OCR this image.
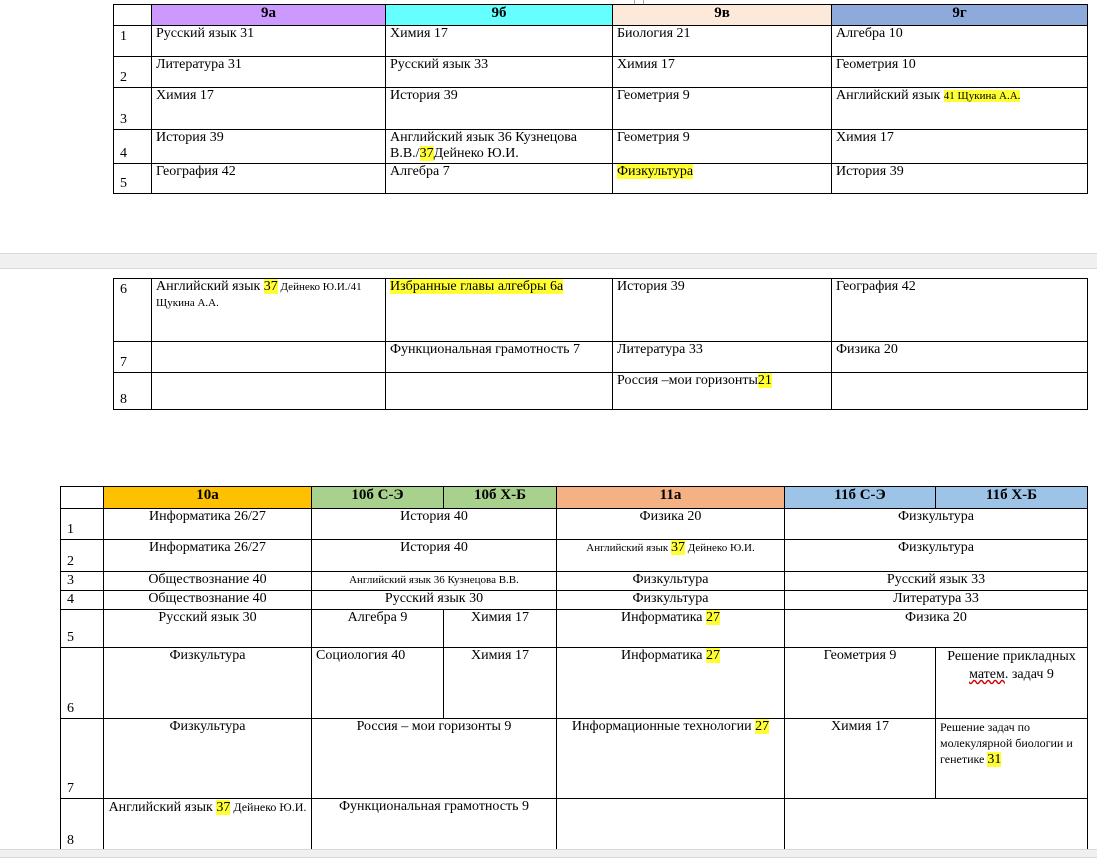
	9а	9б	9в	9г
1	Русский язык 31	Химия 17	Биология 21	Алгебра 10
2	Литература 31	Русский язык 33	Химия 17	Геометрия 10
3	Химия 17	История 39	Геометрия 9	Английский язык 41 Щукина А.А.
4	История 39	Английский язык 36 Кузнецова В.В./37Дейнеко Ю.И.	Геометрия 9	Химия 17
5	География 42	Алгебра 7	Физкультура	История 39
6	Английский язык 37 Дейнеко Ю.И./41 Щукина А.А.	Избранные главы алгебры 6а	История 39	География 42
7		Функциональная грамотность 7	Литература 33	Физика 20
8			Россия –мои горизонты21	
	10а	10б С-Э	10б Х-Б	11а	11б С-Э	11б Х-Б
1	Информатика 26/27	История 40		Физика 20	Физкультура	
2	Информатика 26/27	История 40		Английский язык 37 Дейнеко Ю.И.	Физкультура	
3	Обществознание 40	Английский язык 36 Кузнецова В.В.		Физкультура	Русский язык 33	
4	Обществознание 40	Русский язык 30		Физкультура	Литература 33	
5	Русский язык 30	Алгебра 9	Химия 17	Информатика 27	Физика 20	
6	Физкультура	Социология 40	Химия 17	Информатика 27	Геометрия 9	Решение прикладных матем. задач 9
7	Физкультура	Россия – мои горизонты 9		Информационные технологии 27	Химия 17	Решение задач по молекулярной биологии и генетике 31
8	Английский язык 37 Дейнеко Ю.И.	Функциональная грамотность 9				
